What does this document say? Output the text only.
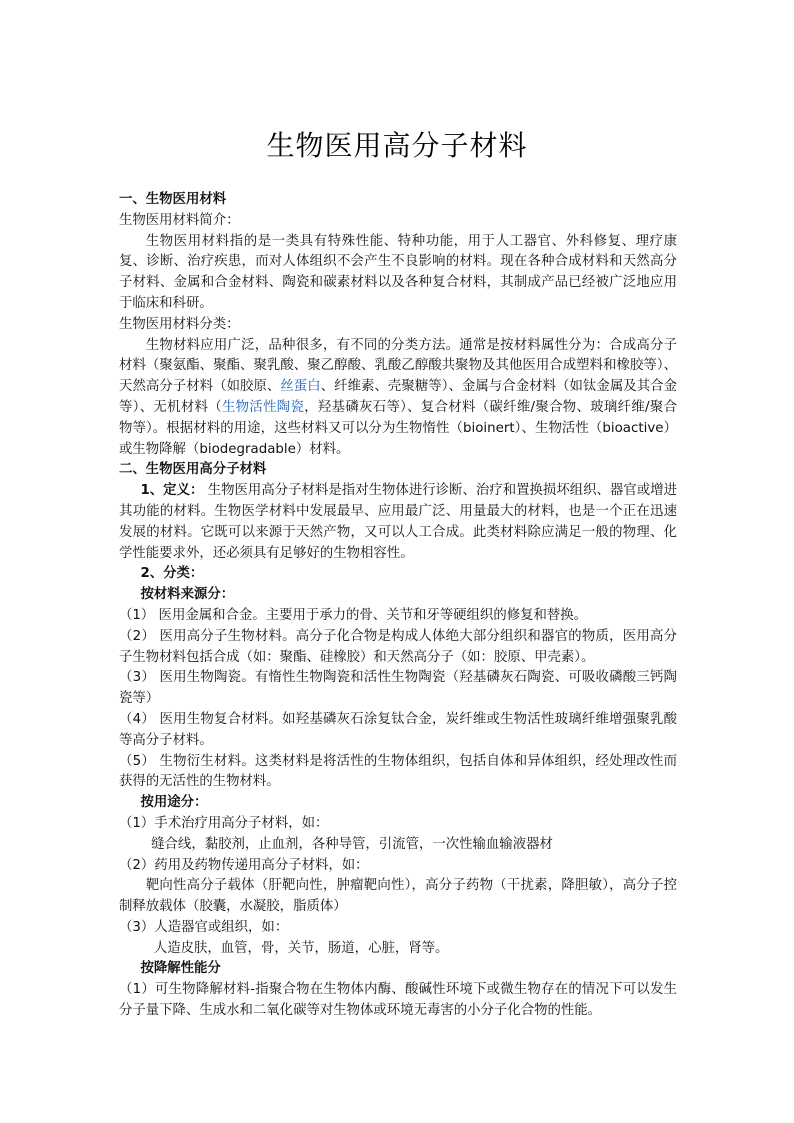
生物医用高分子材料

一、生物医用材料

生物医用材料简介：

生物医用材料指的是一类具有特殊性能、特种功能，用于人工器官、外科修复、理疗康复、诊断、治疗疾患，而对人体组织不会产生不良影响的材料。现在各种合成材料和天然高分子材料、金属和合金材料、陶瓷和碳素材料以及各种复合材料，其制成产品已经被广泛地应用于临床和科研。

生物医用材料分类：

生物材料应用广泛，品种很多，有不同的分类方法。通常是按材料属性分为：合成高分子材料（聚氨酯、聚酯、聚乳酸、聚乙醇酸、乳酸乙醇酸共聚物及其他医用合成塑料和橡胶等）、天然高分子材料（如胶原、丝蛋白、纤维素、壳聚糖等）、金属与合金材料（如钛金属及其合金等）、无机材料（生物活性陶瓷，羟基磷灰石等）、复合材料（碳纤维/聚合物、玻璃纤维/聚合物等）。根据材料的用途，这些材料又可以分为生物惰性（bioinert）、生物活性（bioactive）或生物降解（biodegradable）材料。

二、生物医用高分子材料

1、定义： 生物医用高分子材料是指对生物体进行诊断、治疗和置换损坏组织、器官或增进其功能的材料。生物医学材料中发展最早、应用最广泛、用量最大的材料，也是一个正在迅速发展的材料。它既可以来源于天然产物，又可以人工合成。此类材料除应满足一般的物理、化学性能要求外，还必须具有足够好的生物相容性。

2、分类：

按材料来源分：

（1） 医用金属和合金。主要用于承力的骨、关节和牙等硬组织的修复和替换。

（2） 医用高分子生物材料。高分子化合物是构成人体绝大部分组织和器官的物质，医用高分子生物材料包括合成（如：聚酯、硅橡胶）和天然高分子（如：胶原、甲壳素）。

（3） 医用生物陶瓷。有惰性生物陶瓷和活性生物陶瓷（羟基磷灰石陶瓷、可吸收磷酸三钙陶瓷等）

（4） 医用生物复合材料。如羟基磷灰石涂复钛合金，炭纤维或生物活性玻璃纤维增强聚乳酸等高分子材料。

（5） 生物衍生材料。这类材料是将活性的生物体组织，包括自体和异体组织，经处理改性而获得的无活性的生物材料。

按用途分：

（1）手术治疗用高分子材料，如：

缝合线，黏胶剂，止血剂，各种导管，引流管，一次性输血输液器材

（2）药用及药物传递用高分子材料，如：

靶向性高分子载体（肝靶向性，肿瘤靶向性），高分子药物（干扰素，降胆敏），高分子控制释放载体（胶囊，水凝胶，脂质体）

（3）人造器官或组织，如：

人造皮肤，血管，骨，关节，肠道，心脏，肾等。

按降解性能分

（1）可生物降解材料-指聚合物在生物体内酶、酸碱性环境下或微生物存在的情况下可以发生分子量下降、生成水和二氧化碳等对生物体或环境无毒害的小分子化合物的性能。
